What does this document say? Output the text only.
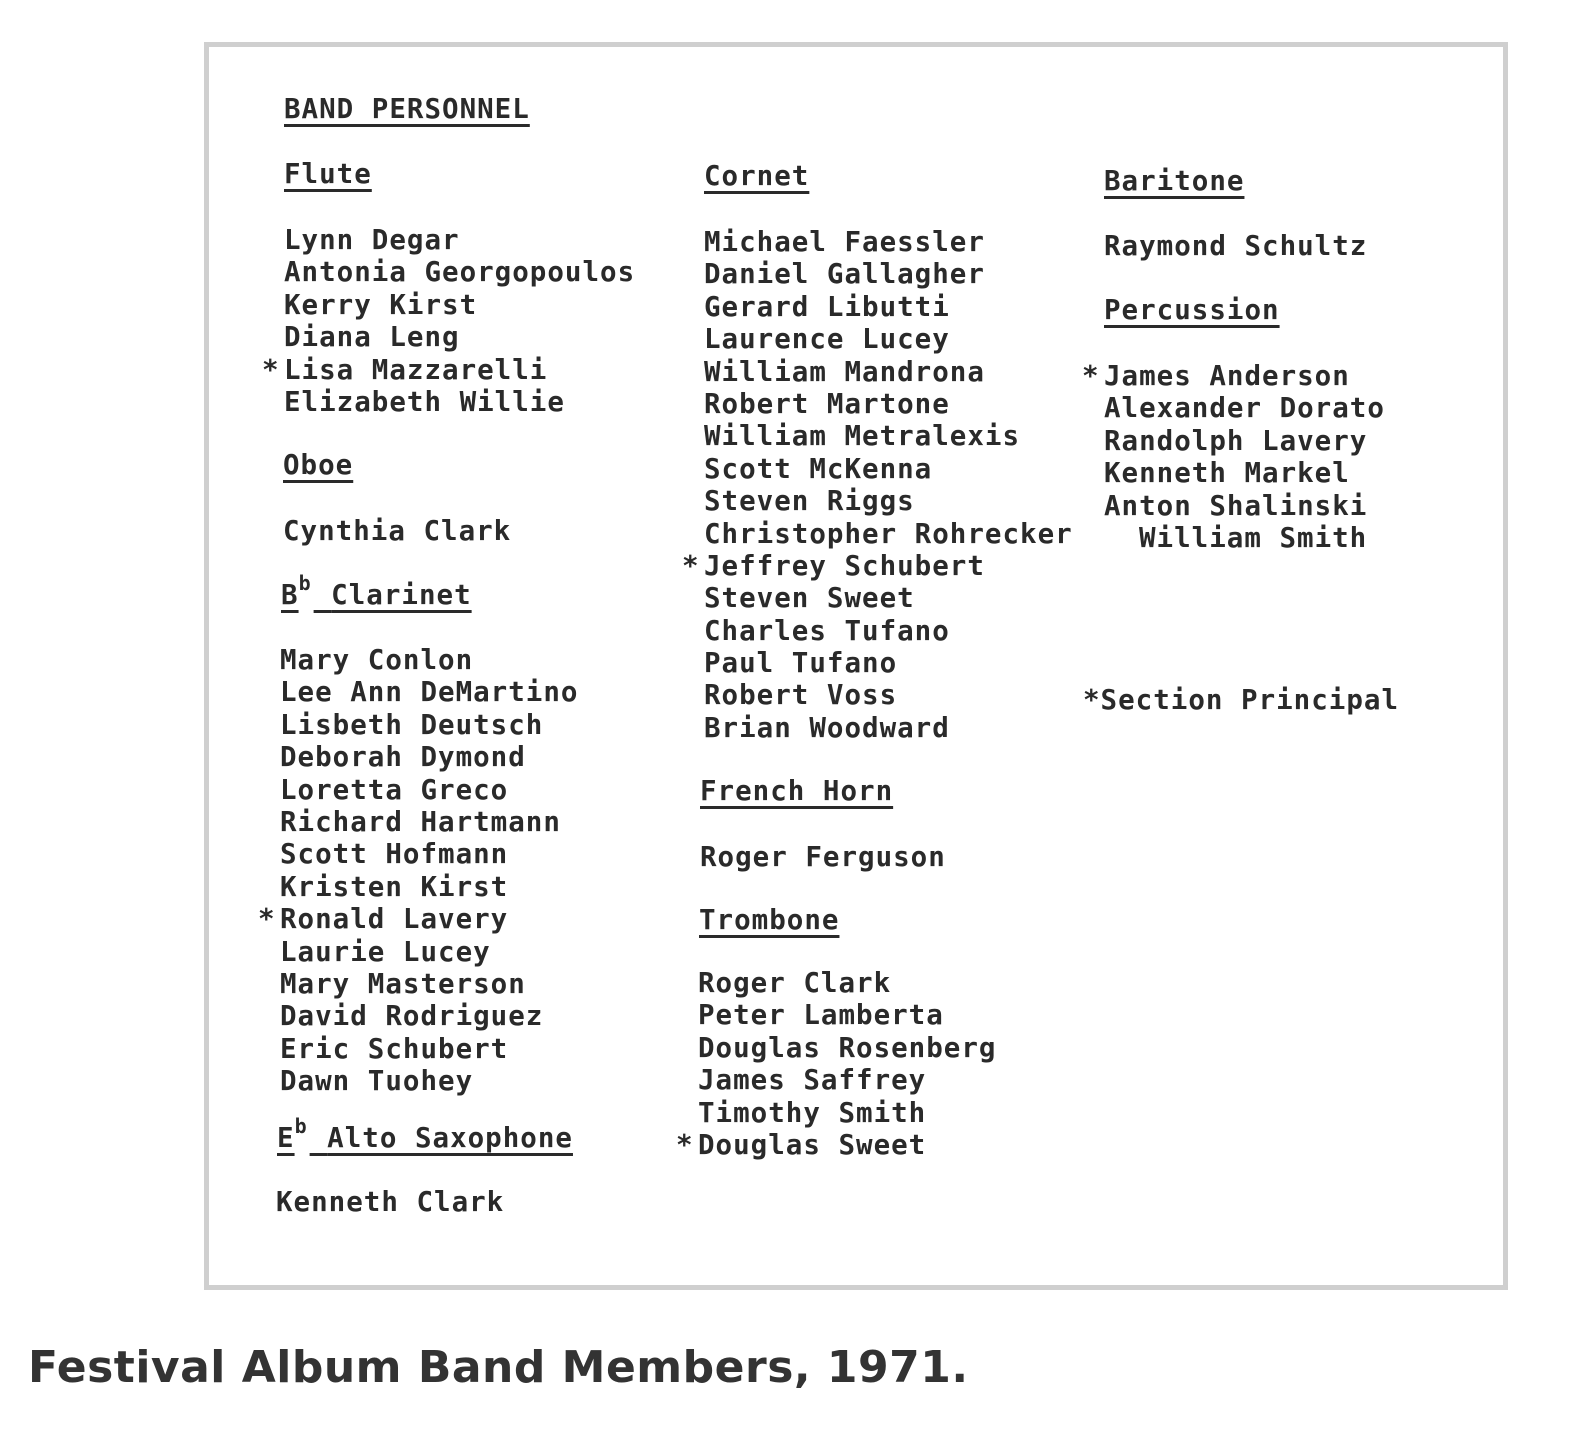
BAND PERSONNEL
Flute
Lynn Degar
Antonia Georgopoulos
Kerry Kirst
Diana Leng
* Lisa Mazzarelli
Elizabeth Willie
Oboe
Cynthia Clark
Bb Clarinet
Mary Conlon
Lee Ann DeMartino
Lisbeth Deutsch
Deborah Dymond
Loretta Greco
Richard Hartmann
Scott Hofmann
Kristen Kirst
* Ronald Lavery
Laurie Lucey
Mary Masterson
David Rodriguez
Eric Schubert
Dawn Tuohey
Eb Alto Saxophone
Kenneth Clark
Cornet
Michael Faessler
Daniel Gallagher
Gerard Libutti
Laurence Lucey
William Mandrona
Robert Martone
William Metralexis
Scott McKenna
Steven Riggs
Christopher Rohrecker
* Jeffrey Schubert
Steven Sweet
Charles Tufano
Paul Tufano
Robert Voss
Brian Woodward
French Horn
Roger Ferguson
Trombone
Roger Clark
Peter Lamberta
Douglas Rosenberg
James Saffrey
Timothy Smith
* Douglas Sweet
Baritone
Raymond Schultz
Percussion
* James Anderson
Alexander Dorato
Randolph Lavery
Kenneth Markel
Anton Shalinski
William Smith
*Section Principal

Festival Album Band Members, 1971.
